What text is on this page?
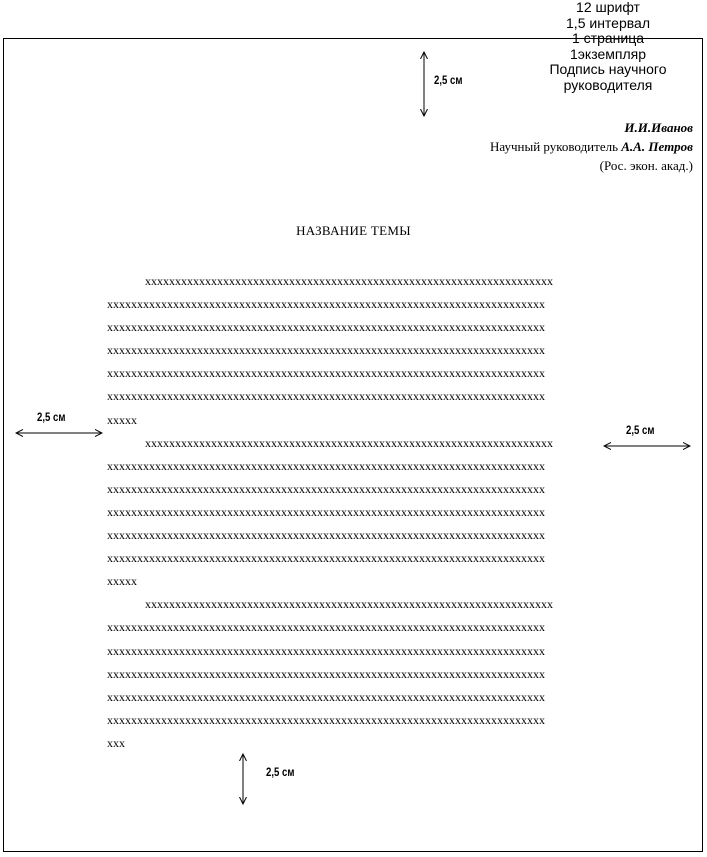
12 шрифт
1,5 интервал
1 страница
1экземпляр
Подпись научного
руководителя
2,5 см
2,5 см
2,5 см
2,5 см
И.И.Иванов
Научный руководитель А.А. Петров
(Рос. экон. акад.)
НАЗВАНИЕ ТЕМЫ
xxxxxxxxxxxxxxxxxxxxxxxxxxxxxxxxxxxxxxxxxxxxxxxxxxxxxxxxxxxxxxxxxxxx
xxxxxxxxxxxxxxxxxxxxxxxxxxxxxxxxxxxxxxxxxxxxxxxxxxxxxxxxxxxxxxxxxxxxxxxxx
xxxxxxxxxxxxxxxxxxxxxxxxxxxxxxxxxxxxxxxxxxxxxxxxxxxxxxxxxxxxxxxxxxxxxxxxx
xxxxxxxxxxxxxxxxxxxxxxxxxxxxxxxxxxxxxxxxxxxxxxxxxxxxxxxxxxxxxxxxxxxxxxxxx
xxxxxxxxxxxxxxxxxxxxxxxxxxxxxxxxxxxxxxxxxxxxxxxxxxxxxxxxxxxxxxxxxxxxxxxxx
xxxxxxxxxxxxxxxxxxxxxxxxxxxxxxxxxxxxxxxxxxxxxxxxxxxxxxxxxxxxxxxxxxxxxxxxx
xxxxx
xxxxxxxxxxxxxxxxxxxxxxxxxxxxxxxxxxxxxxxxxxxxxxxxxxxxxxxxxxxxxxxxxxxx
xxxxxxxxxxxxxxxxxxxxxxxxxxxxxxxxxxxxxxxxxxxxxxxxxxxxxxxxxxxxxxxxxxxxxxxxx
xxxxxxxxxxxxxxxxxxxxxxxxxxxxxxxxxxxxxxxxxxxxxxxxxxxxxxxxxxxxxxxxxxxxxxxxx
xxxxxxxxxxxxxxxxxxxxxxxxxxxxxxxxxxxxxxxxxxxxxxxxxxxxxxxxxxxxxxxxxxxxxxxxx
xxxxxxxxxxxxxxxxxxxxxxxxxxxxxxxxxxxxxxxxxxxxxxxxxxxxxxxxxxxxxxxxxxxxxxxxx
xxxxxxxxxxxxxxxxxxxxxxxxxxxxxxxxxxxxxxxxxxxxxxxxxxxxxxxxxxxxxxxxxxxxxxxxx
xxxxx
xxxxxxxxxxxxxxxxxxxxxxxxxxxxxxxxxxxxxxxxxxxxxxxxxxxxxxxxxxxxxxxxxxxx
xxxxxxxxxxxxxxxxxxxxxxxxxxxxxxxxxxxxxxxxxxxxxxxxxxxxxxxxxxxxxxxxxxxxxxxxx
xxxxxxxxxxxxxxxxxxxxxxxxxxxxxxxxxxxxxxxxxxxxxxxxxxxxxxxxxxxxxxxxxxxxxxxxx
xxxxxxxxxxxxxxxxxxxxxxxxxxxxxxxxxxxxxxxxxxxxxxxxxxxxxxxxxxxxxxxxxxxxxxxxx
xxxxxxxxxxxxxxxxxxxxxxxxxxxxxxxxxxxxxxxxxxxxxxxxxxxxxxxxxxxxxxxxxxxxxxxxx
xxxxxxxxxxxxxxxxxxxxxxxxxxxxxxxxxxxxxxxxxxxxxxxxxxxxxxxxxxxxxxxxxxxxxxxxx
xxx
